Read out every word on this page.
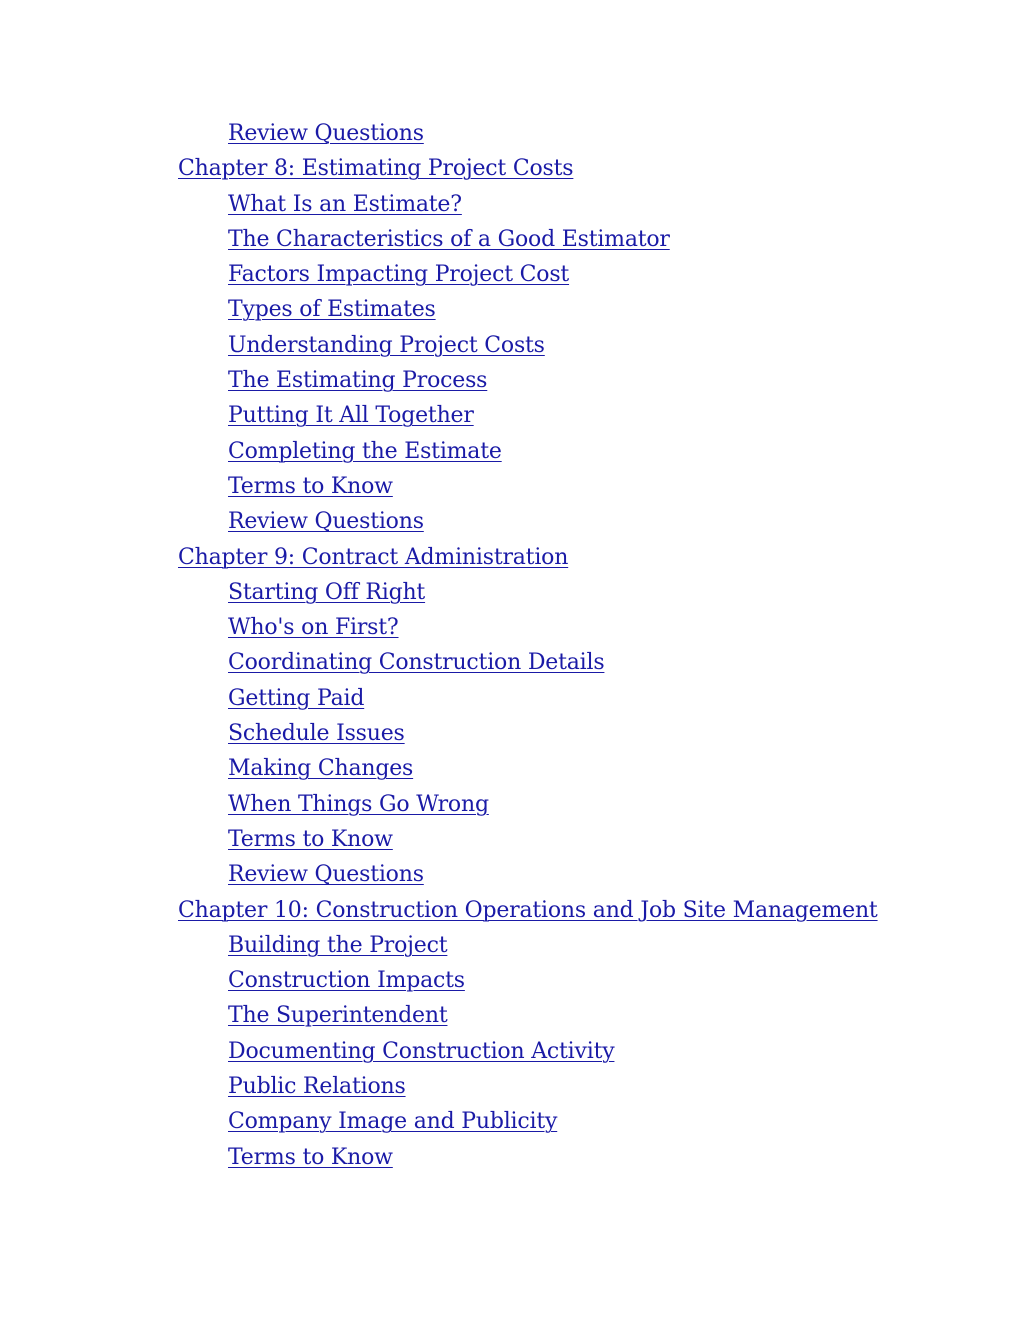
Review Questions
Chapter 8: Estimating Project Costs
What Is an Estimate?
The Characteristics of a Good Estimator
Factors Impacting Project Cost
Types of Estimates
Understanding Project Costs
The Estimating Process
Putting It All Together
Completing the Estimate
Terms to Know
Review Questions
Chapter 9: Contract Administration
Starting Off Right
Who's on First?
Coordinating Construction Details
Getting Paid
Schedule Issues
Making Changes
When Things Go Wrong
Terms to Know
Review Questions
Chapter 10: Construction Operations and Job Site Management
Building the Project
Construction Impacts
The Superintendent
Documenting Construction Activity
Public Relations
Company Image and Publicity
Terms to Know
